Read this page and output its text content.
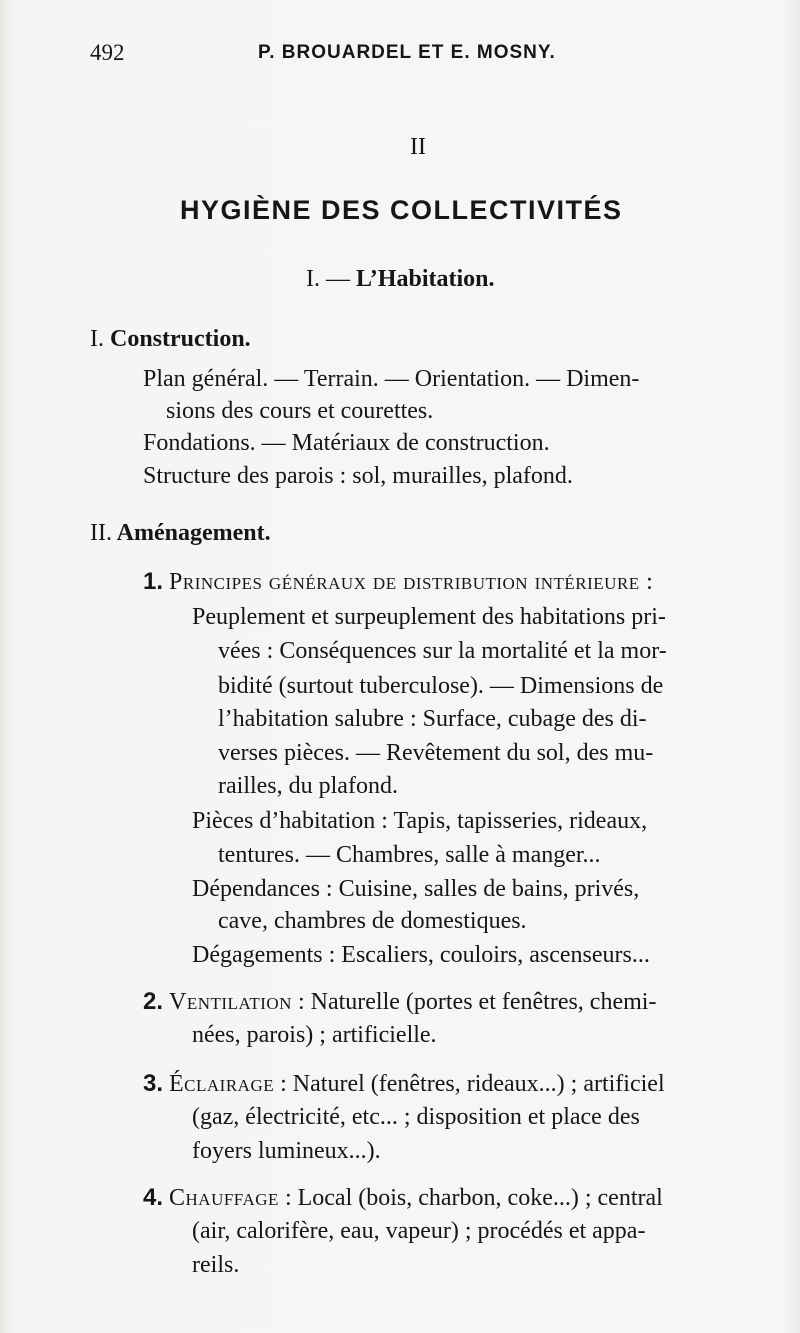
492	P. BROUARDEL ET E. MOSNY.
II
HYGIÈNE DES COLLECTIVITÉS
I. — L’Habitation.
I. Construction.
Plan général. — Terrain. — Orientation. — Dimen-
sions des cours et courettes.
Fondations. — Matériaux de construction.
Structure des parois : sol, murailles, plafond.
II. Aménagement.
1. Principes généraux de distribution intérieure :
Peuplement et surpeuplement des habitations pri-
vées : Conséquences sur la mortalité et la mor-
bidité (surtout tuberculose). — Dimensions de
l’habitation salubre : Surface, cubage des di-
verses pièces. — Revêtement du sol, des mu-
railles, du plafond.
Pièces d’habitation : Tapis, tapisseries, rideaux,
tentures. — Chambres, salle à manger...
Dépendances : Cuisine, salles de bains, privés,
cave, chambres de domestiques.
Dégagements : Escaliers, couloirs, ascenseurs...
2. Ventilation : Naturelle (portes et fenêtres, chemi-
nées, parois) ; artificielle.
3. Éclairage : Naturel (fenêtres, rideaux...) ; artificiel
(gaz, électricité, etc... ; disposition et place des
foyers lumineux...).
4. Chauffage : Local (bois, charbon, coke...) ; central
(air, calorifère, eau, vapeur) ; procédés et appa-
reils.
